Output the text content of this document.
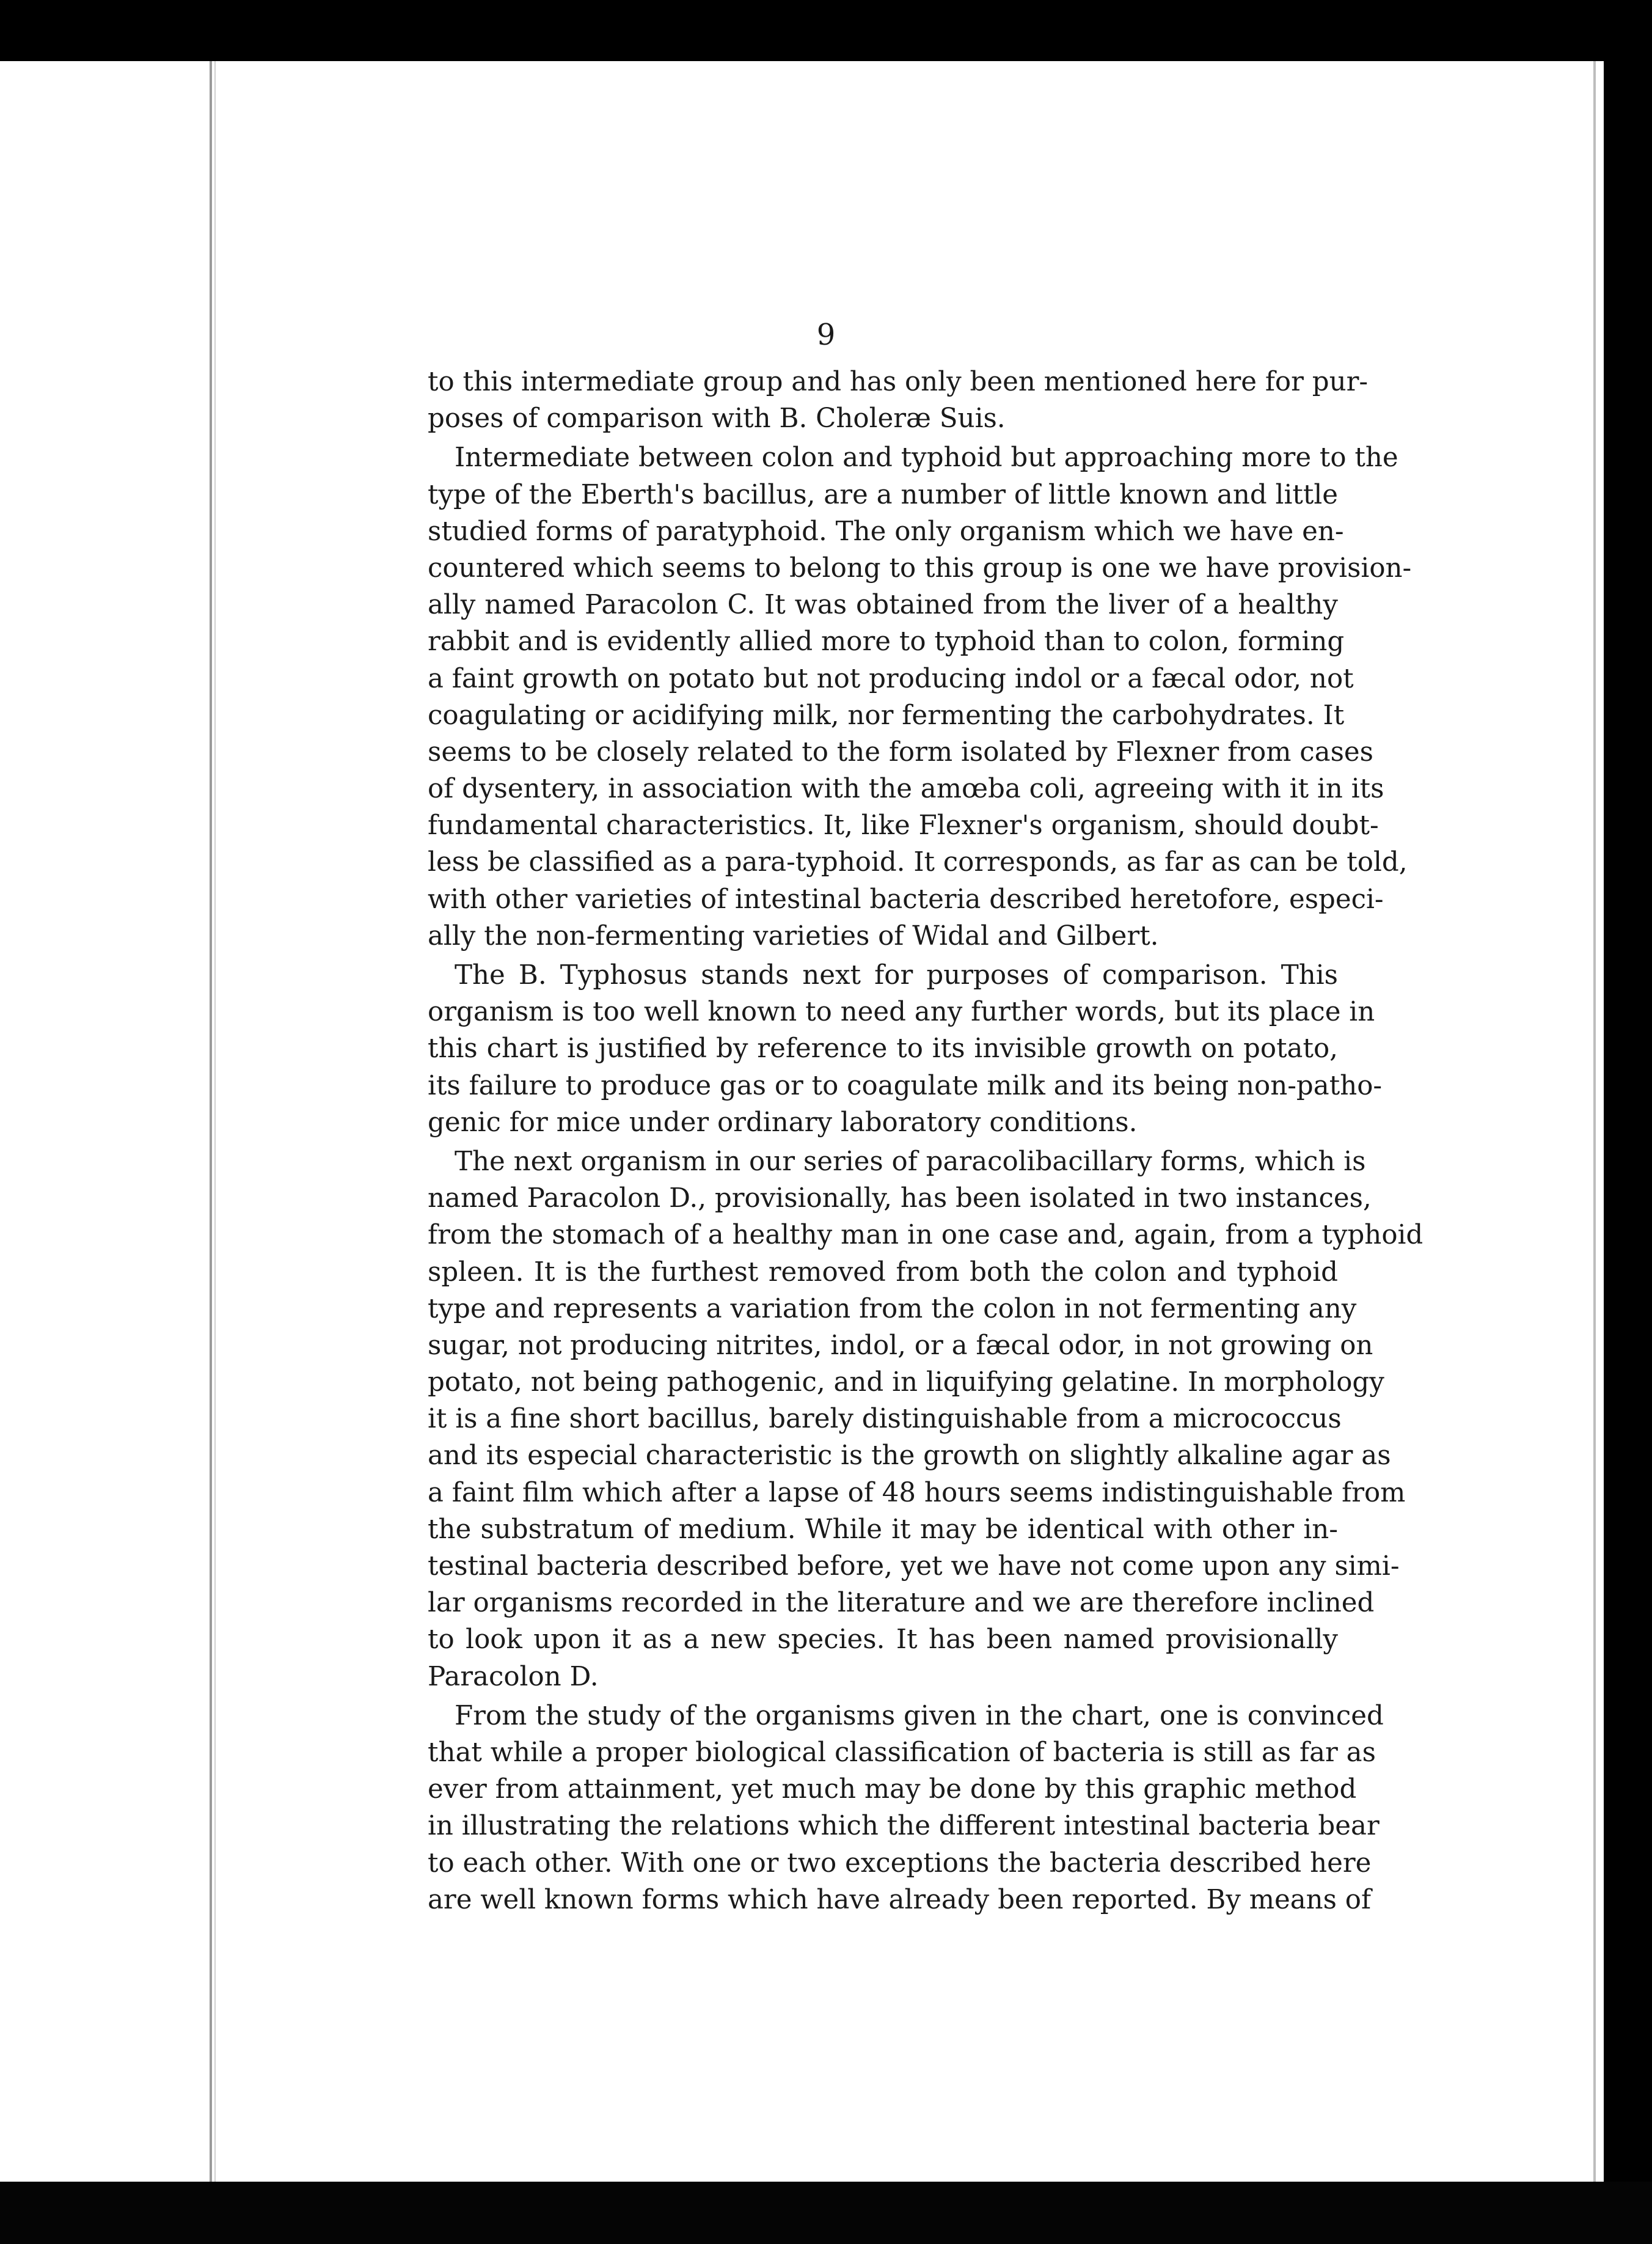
9
to this intermediate group and has only been mentioned here for pur-
poses of comparison with B. Choleræ Suis.
Intermediate between colon and typhoid but approaching more to the
type of the Eberth's bacillus, are a number of little known and little
studied forms of paratyphoid. The only organism which we have en-
countered which seems to belong to this group is one we have provision-
ally named Paracolon C. It was obtained from the liver of a healthy
rabbit and is evidently allied more to typhoid than to colon, forming
a faint growth on potato but not producing indol or a fæcal odor, not
coagulating or acidifying milk, nor fermenting the carbohydrates. It
seems to be closely related to the form isolated by Flexner from cases
of dysentery, in association with the amœba coli, agreeing with it in its
fundamental characteristics. It, like Flexner's organism, should doubt-
less be classified as a para-typhoid. It corresponds, as far as can be told,
with other varieties of intestinal bacteria described heretofore, especi-
ally the non-fermenting varieties of Widal and Gilbert.
The B. Typhosus stands next for purposes of comparison. This
organism is too well known to need any further words, but its place in
this chart is justified by reference to its invisible growth on potato,
its failure to produce gas or to coagulate milk and its being non-patho-
genic for mice under ordinary laboratory conditions.
The next organism in our series of paracolibacillary forms, which is
named Paracolon D., provisionally, has been isolated in two instances,
from the stomach of a healthy man in one case and, again, from a typhoid
spleen. It is the furthest removed from both the colon and typhoid
type and represents a variation from the colon in not fermenting any
sugar, not producing nitrites, indol, or a fæcal odor, in not growing on
potato, not being pathogenic, and in liquifying gelatine. In morphology
it is a fine short bacillus, barely distinguishable from a micrococcus
and its especial characteristic is the growth on slightly alkaline agar as
a faint film which after a lapse of 48 hours seems indistinguishable from
the substratum of medium. While it may be identical with other in-
testinal bacteria described before, yet we have not come upon any simi-
lar organisms recorded in the literature and we are therefore inclined
to look upon it as a new species. It has been named provisionally
Paracolon D.
From the study of the organisms given in the chart, one is convinced
that while a proper biological classification of bacteria is still as far as
ever from attainment, yet much may be done by this graphic method
in illustrating the relations which the different intestinal bacteria bear
to each other. With one or two exceptions the bacteria described here
are well known forms which have already been reported. By means of
